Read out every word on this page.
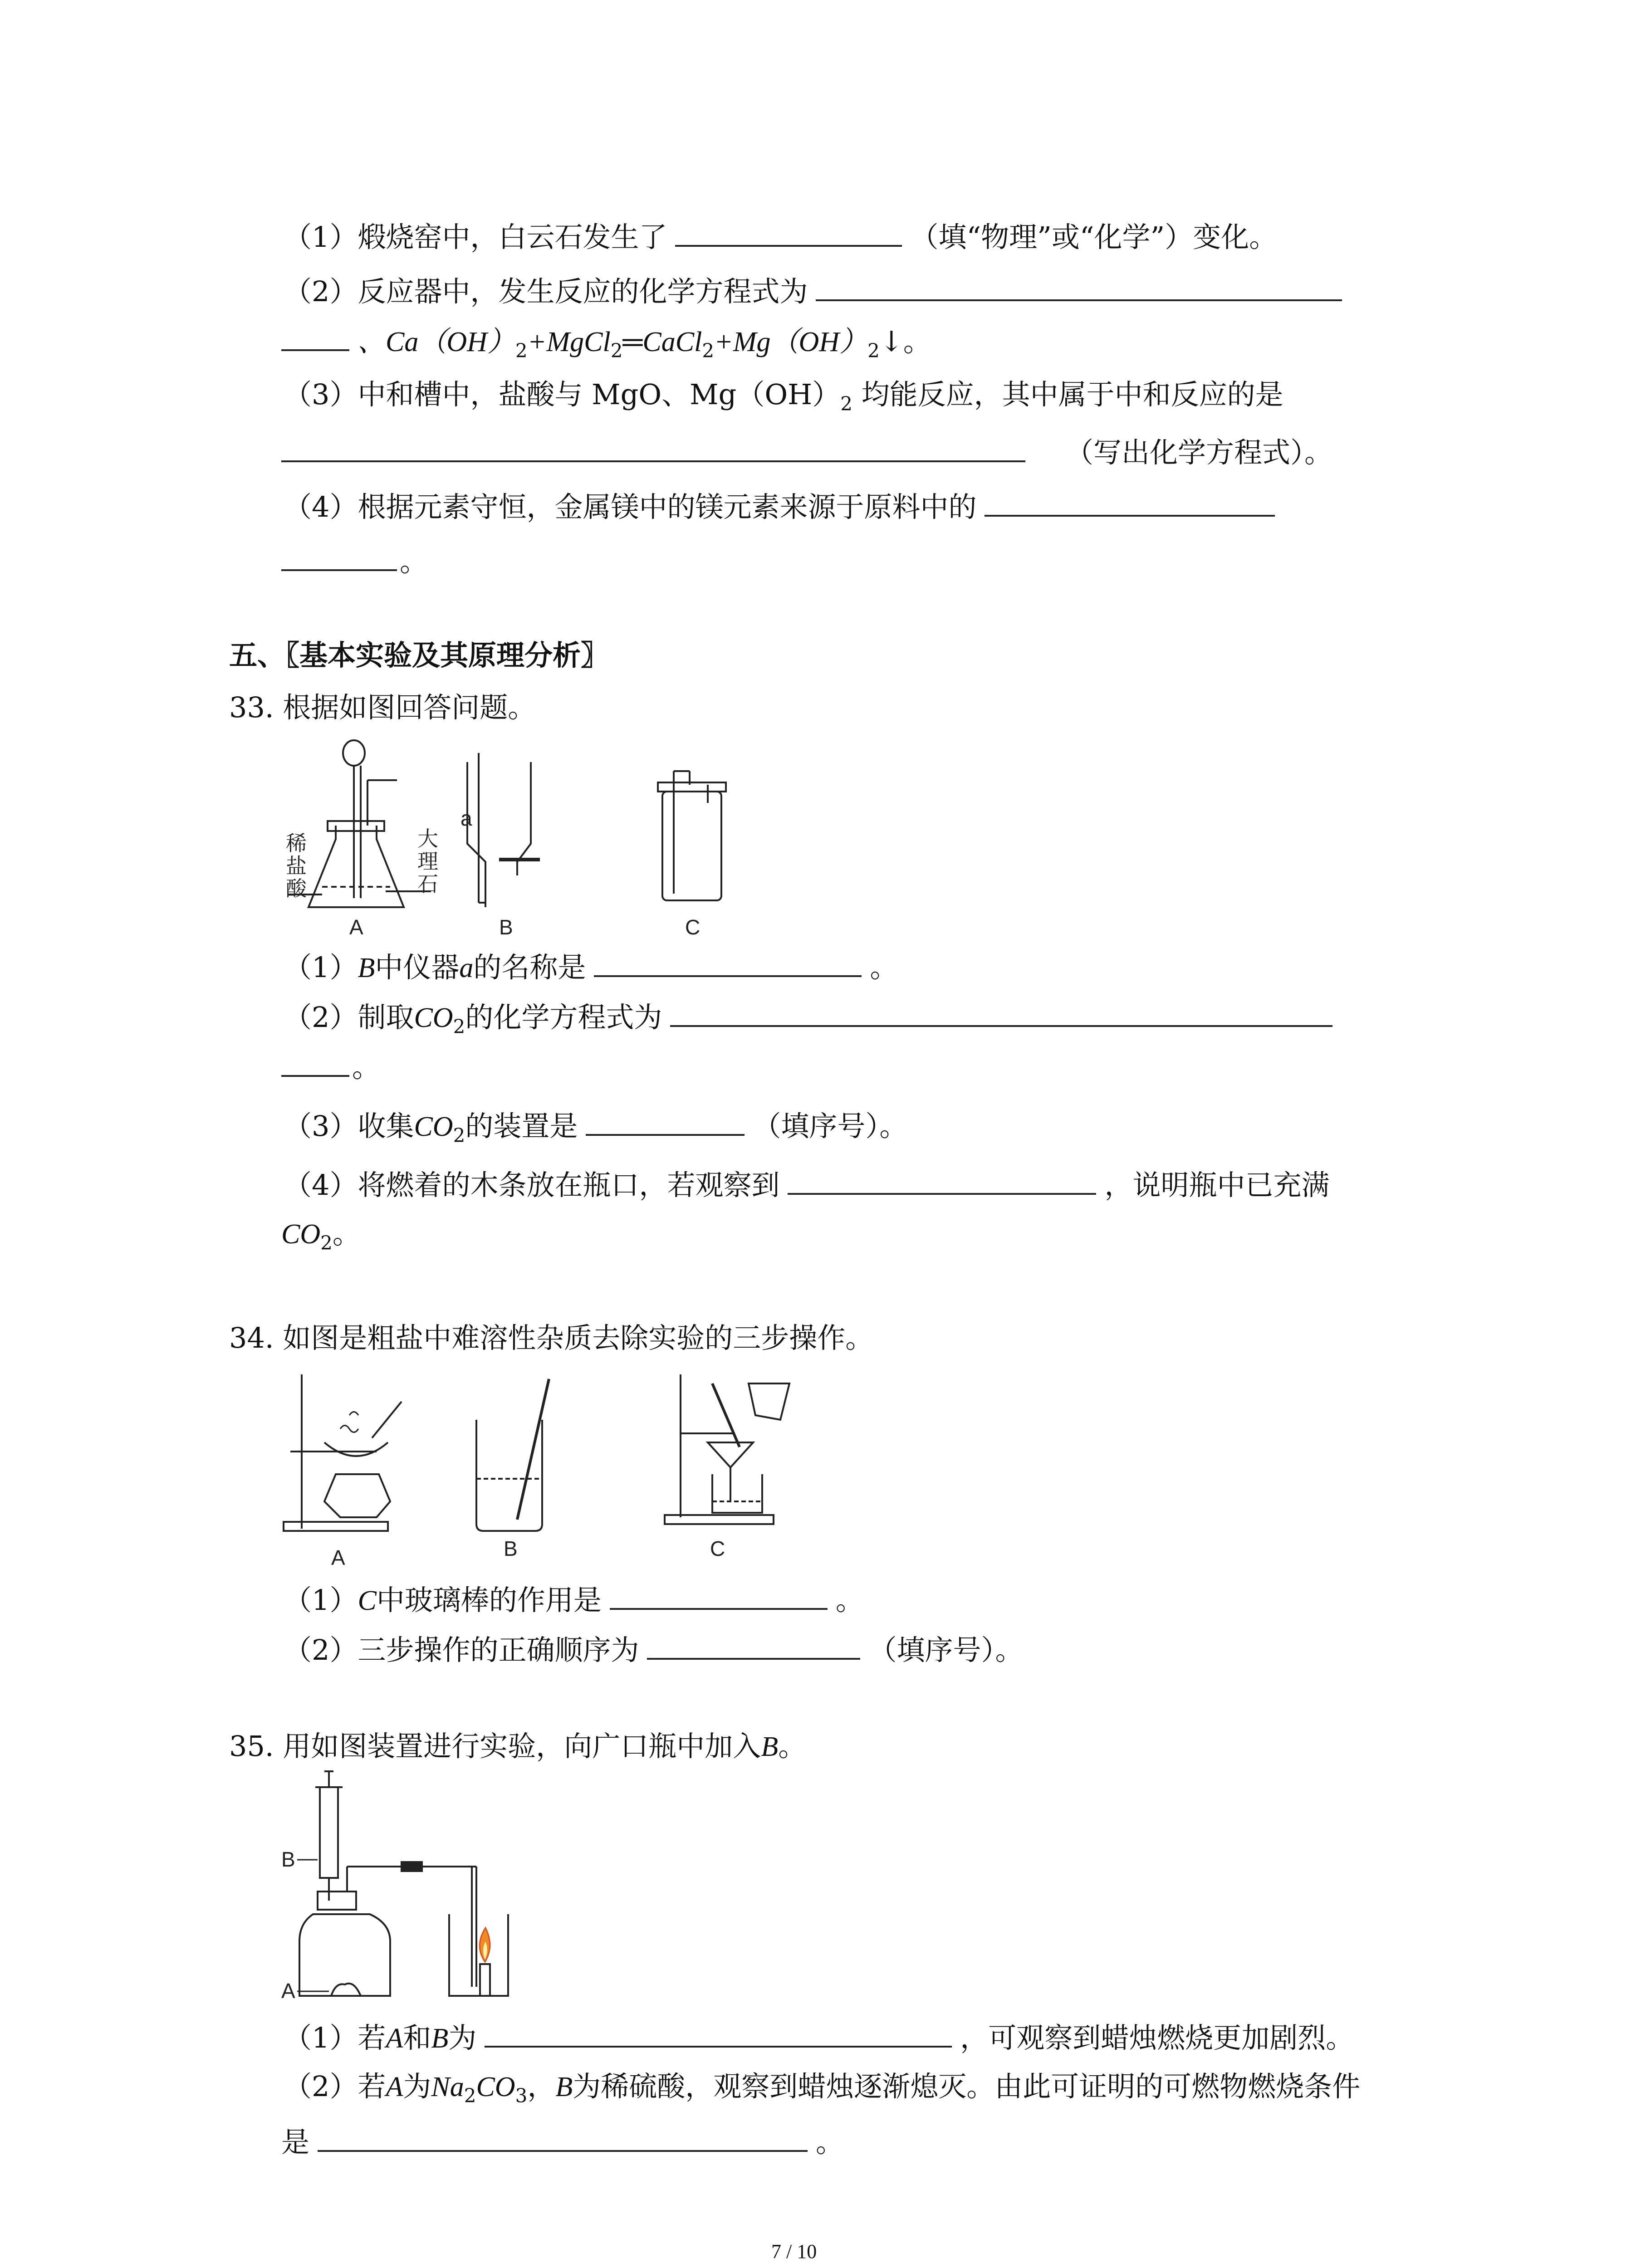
（1）煅烧窑中，白云石发生了	（填“物理”或“化学”）变化。
（2）反应器中，发生反应的化学方程式为
、$Ca(OH)_2+MgCl_2═CaCl_2+Mg(OH)_2↓$。
（3）中和槽中，盐酸与 MgO、$Mg(OH)_2$ 均能反应，其中属于中和反应的是
（写出化学方程式）。
（4）根据元素守恒，金属镁中的镁元素来源于原料中的
。
五、〖基本实验及其原理分析〗
33. 根据如图回答问题。
稀
盐
酸
大
理
石
a
A	B	C
（1）B中仪器a的名称是	。
（2）制取$CO_2$的化学方程式为
。
（3）收集$CO_2$的装置是	（填序号）。
（4）将燃着的木条放在瓶口，若观察到	，说明瓶中已充满
$CO_2$。
34. 如图是粗盐中难溶性杂质去除实验的三步操作。
A	B	C
（1）C中玻璃棒的作用是	。
（2）三步操作的正确顺序为	（填序号）。
35. 用如图装置进行实验，向广口瓶中加入B。
B
A
（1）若A和B为	，可观察到蜡烛燃烧更加剧烈。
（2）若A为$Na_2CO_3$，B为稀硫酸，观察到蜡烛逐渐熄灭。由此可证明的可燃物燃烧条件
是	。
7 / 10
